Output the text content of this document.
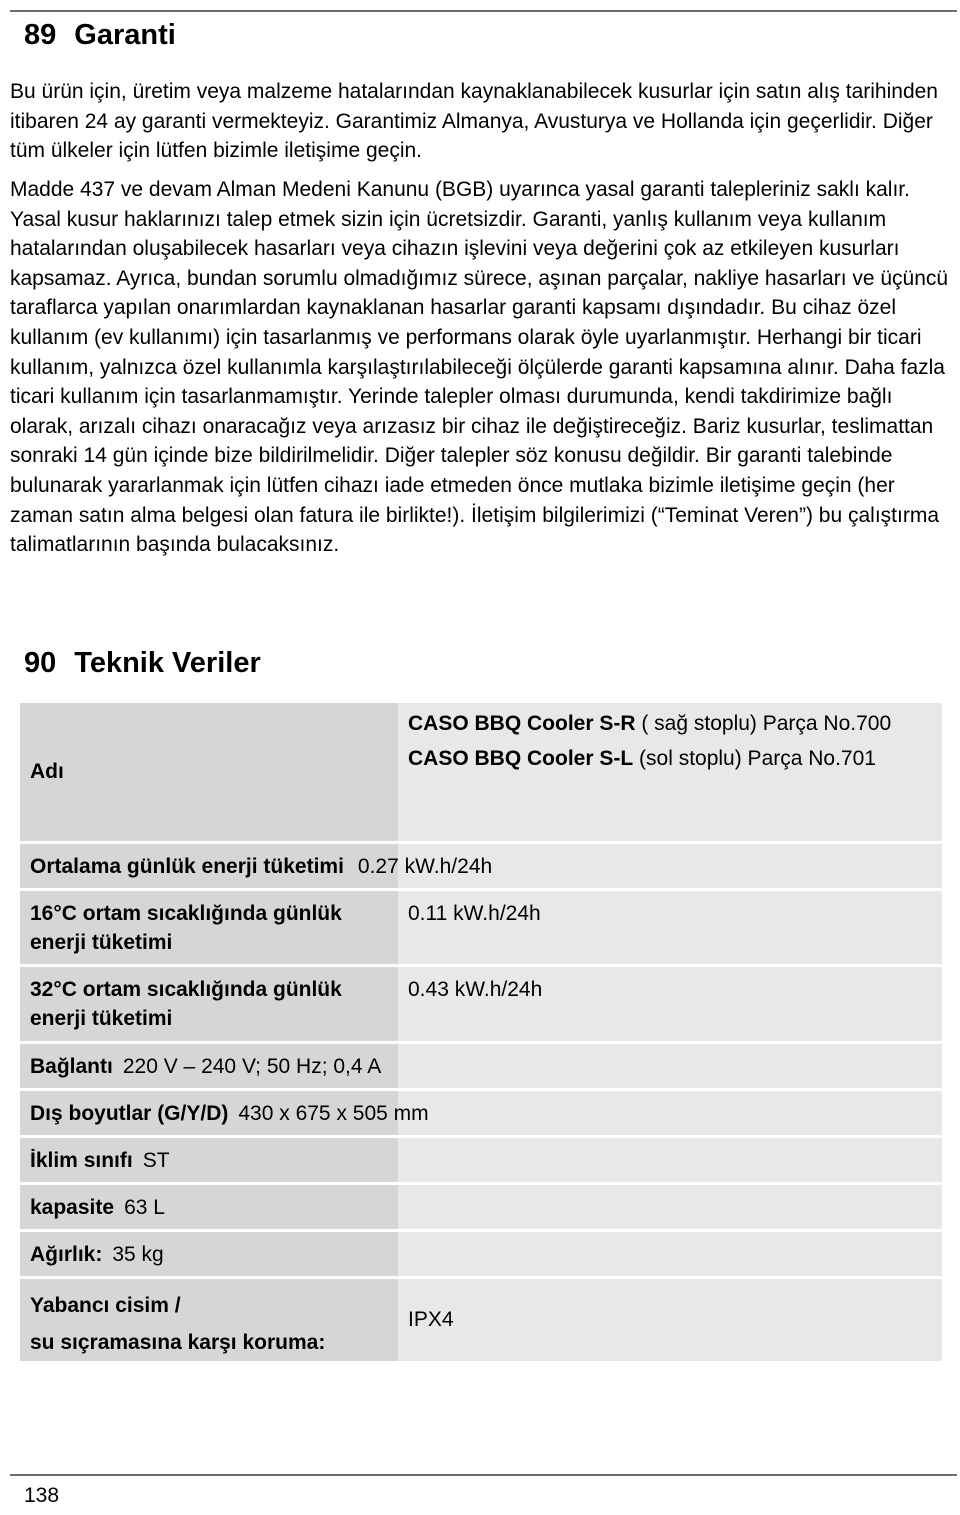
89 Garanti

Bu ürün için, üretim veya malzeme hatalarından kaynaklanabilecek kusurlar için satın alış tarihinden itibaren 24 ay garanti vermekteyiz. Garantimiz Almanya, Avusturya ve Hollanda için geçerlidir. Diğer tüm ülkeler için lütfen bizimle iletişime geçin.

Madde 437 ve devam Alman Medeni Kanunu (BGB) uyarınca yasal garanti talepleriniz saklı kalır. Yasal kusur haklarınızı talep etmek sizin için ücretsizdir. Garanti, yanlış kullanım veya kullanım hatalarından oluşabilecek hasarları veya cihazın işlevini veya değerini çok az etkileyen kusurları kapsamaz. Ayrıca, bundan sorumlu olmadığımız sürece, aşınan parçalar, nakliye hasarları ve üçüncü taraflarca yapılan onarımlardan kaynaklanan hasarlar garanti kapsamı dışındadır. Bu cihaz özel kullanım (ev kullanımı) için tasarlanmış ve performans olarak öyle uyarlanmıştır. Herhangi bir ticari kullanım, yalnızca özel kullanımla karşılaştırılabileceği ölçülerde garanti kapsamına alınır. Daha fazla ticari kullanım için tasarlanmamıştır. Yerinde talepler olması durumunda, kendi takdirimize bağlı olarak, arızalı cihazı onaracağız veya arızasız bir cihaz ile değiştireceğiz. Bariz kusurlar, teslimattan sonraki 14 gün içinde bize bildirilmelidir. Diğer talepler söz konusu değildir. Bir garanti talebinde bulunarak yararlanmak için lütfen cihazı iade etmeden önce mutlaka bizimle iletişime geçin (her zaman satın alma belgesi olan fatura ile birlikte!). İletişim bilgilerimizi (“Teminat Veren”) bu çalıştırma talimatlarının başında bulacaksınız.

90 Teknik Veriler
Adı	CASO BBQ Cooler S-R ( sağ stoplu) Parça No.700
CASO BBQ Cooler S-L (sol stoplu) Parça No.701

Ortalama günlük enerji tüketimi 0.27 kW.h/24h	
16°C ortam sıcaklığında günlük enerji tüketimi	0.11 kW.h/24h
32°C ortam sıcaklığında günlük enerji tüketimi	0.43 kW.h/24h
Bağlantı 220 V – 240 V; 50 Hz; 0,4 A	
Dış boyutlar (G/Y/D) 430 x 675 x 505 mm	
İklim sınıfı ST	
kapasite 63 L	
Ağırlık: 35 kg	

Yabancı cisim /
su sıçramasına karşı koruma:	IPX4
138
